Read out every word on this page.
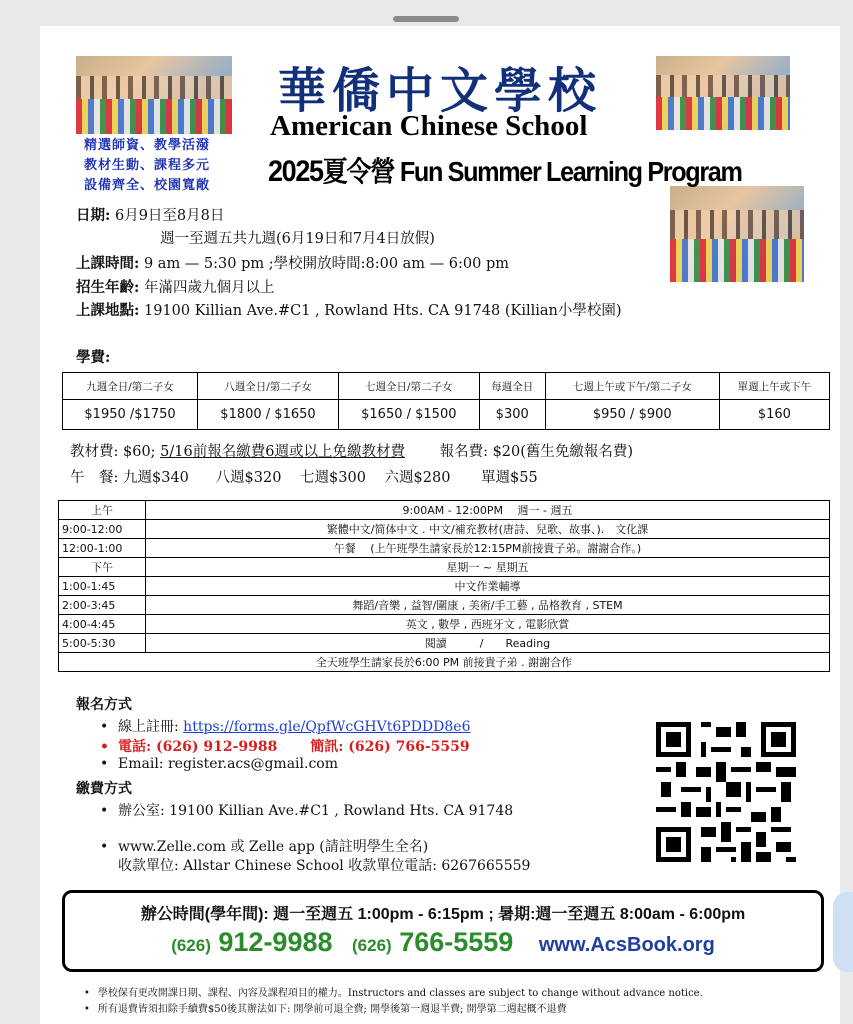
華僑中文學校
American Chinese School
2025夏令營 Fun Summer Learning Program
精選師資、教學活潑
教材生動、課程多元
設備齊全、校園寬敞
日期: 6月9日至8月8日
週一至週五共九週(6月19日和7月4日放假)
上課時間: 9 am — 5:30 pm ;學校開放時間:8:00 am — 6:00 pm
招生年齡: 年滿四歲九個月以上
上課地點: 19100 Killian Ave.#C1 , Rowland Hts. CA 91748 (Killian小學校園)
學費:
九週全日/第二子女	八週全日/第二子女	七週全日/第二子女	每週全日	七週上午或下午/第二子女	單週上午或下午
$1950 /$1750	$1800 / $1650	$1650 / $1500	$300	$950 / $900	$160
教材費: $60; 5/16前報名繳費6週或以上免繳教材費 報名費: $20(舊生免繳報名費)
午　餐: 九週$340 八週$320 七週$300 六週$280 單週$55
上午	9:00AM - 12:00PM　 週一 - 週五
9:00-12:00	繁體中文/简体中文 . 中文/補充教材(唐詩、兒歌、故事、).　文化課
12:00-1:00	午餐　 (上午班學生請家長於12:15PM前接貴子弟。謝謝合作。)
下午	星期一 ~ 星期五
1:00-1:45	中文作業輔導
2:00-3:45	舞蹈/音樂 , 益智/圍康 , 美術/手工藝 , 品格教育 , STEM
4:00-4:45	英文 , 數學 , 西班牙文 , 電影欣賞
5:00-5:30	閱讀　　　/　　Reading
全天班學生請家長於6:00 PM 前接貴子弟 . 謝謝合作	
報名方式
• 線上註冊: https://forms.gle/QpfWcGHVt6PDDD8e6
• 電話: (626) 912-9988 簡訊: (626) 766-5559
• Email: register.acs@gmail.com
繳費方式
• 辦公室: 19100 Killian Ave.#C1 , Rowland Hts. CA 91748
• www.Zelle.com 或 Zelle app (請註明學生全名)
收款單位: Allstar Chinese School 收款單位電話: 6267665559
辦公時間(學年間): 週一至週五 1:00pm - 6:15pm ; 暑期:週一至週五 8:00am - 6:00pm
(626) 912-9988 (626) 766-5559 www.AcsBook.org
• 學校保有更改開課日期、課程、內容及課程項目的權力。Instructors and classes are subject to change without advance notice.
• 所有退費皆須扣除手續費$50後其辦法如下: 開學前可退全費; 開學後第一週退半費; 開學第二週起概不退費
